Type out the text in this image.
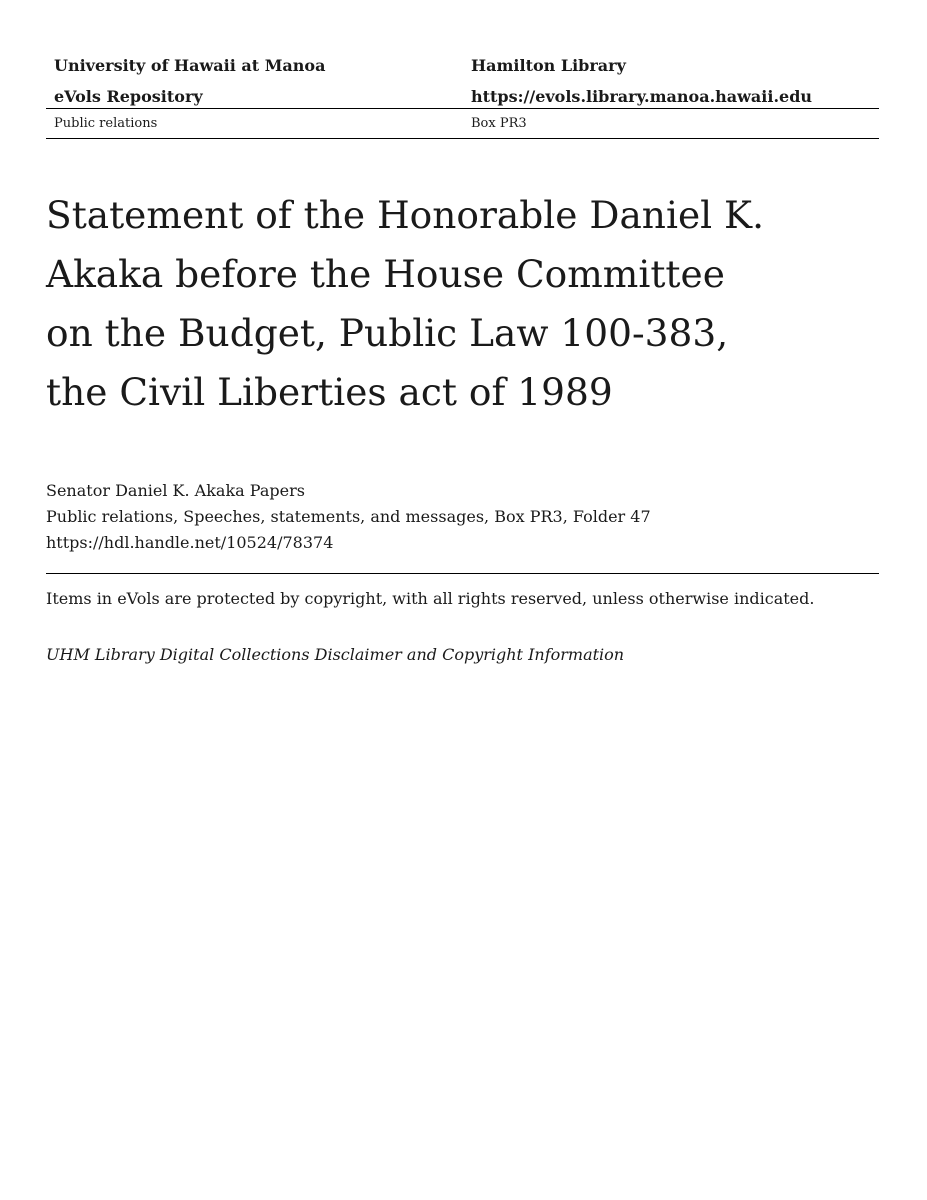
University of Hawaii at Manoa	Hamilton Library
eVols Repository	https://evols.library.manoa.hawaii.edu
Public relations	Box PR3
Statement of the Honorable Daniel K.
Akaka before the House Committee
on the Budget, Public Law 100-383,
the Civil Liberties act of 1989
Senator Daniel K. Akaka Papers
Public relations, Speeches, statements, and messages, Box PR3, Folder 47
https://hdl.handle.net/10524/78374
Items in eVols are protected by copyright, with all rights reserved, unless otherwise indicated.
UHM Library Digital Collections Disclaimer and Copyright Information
